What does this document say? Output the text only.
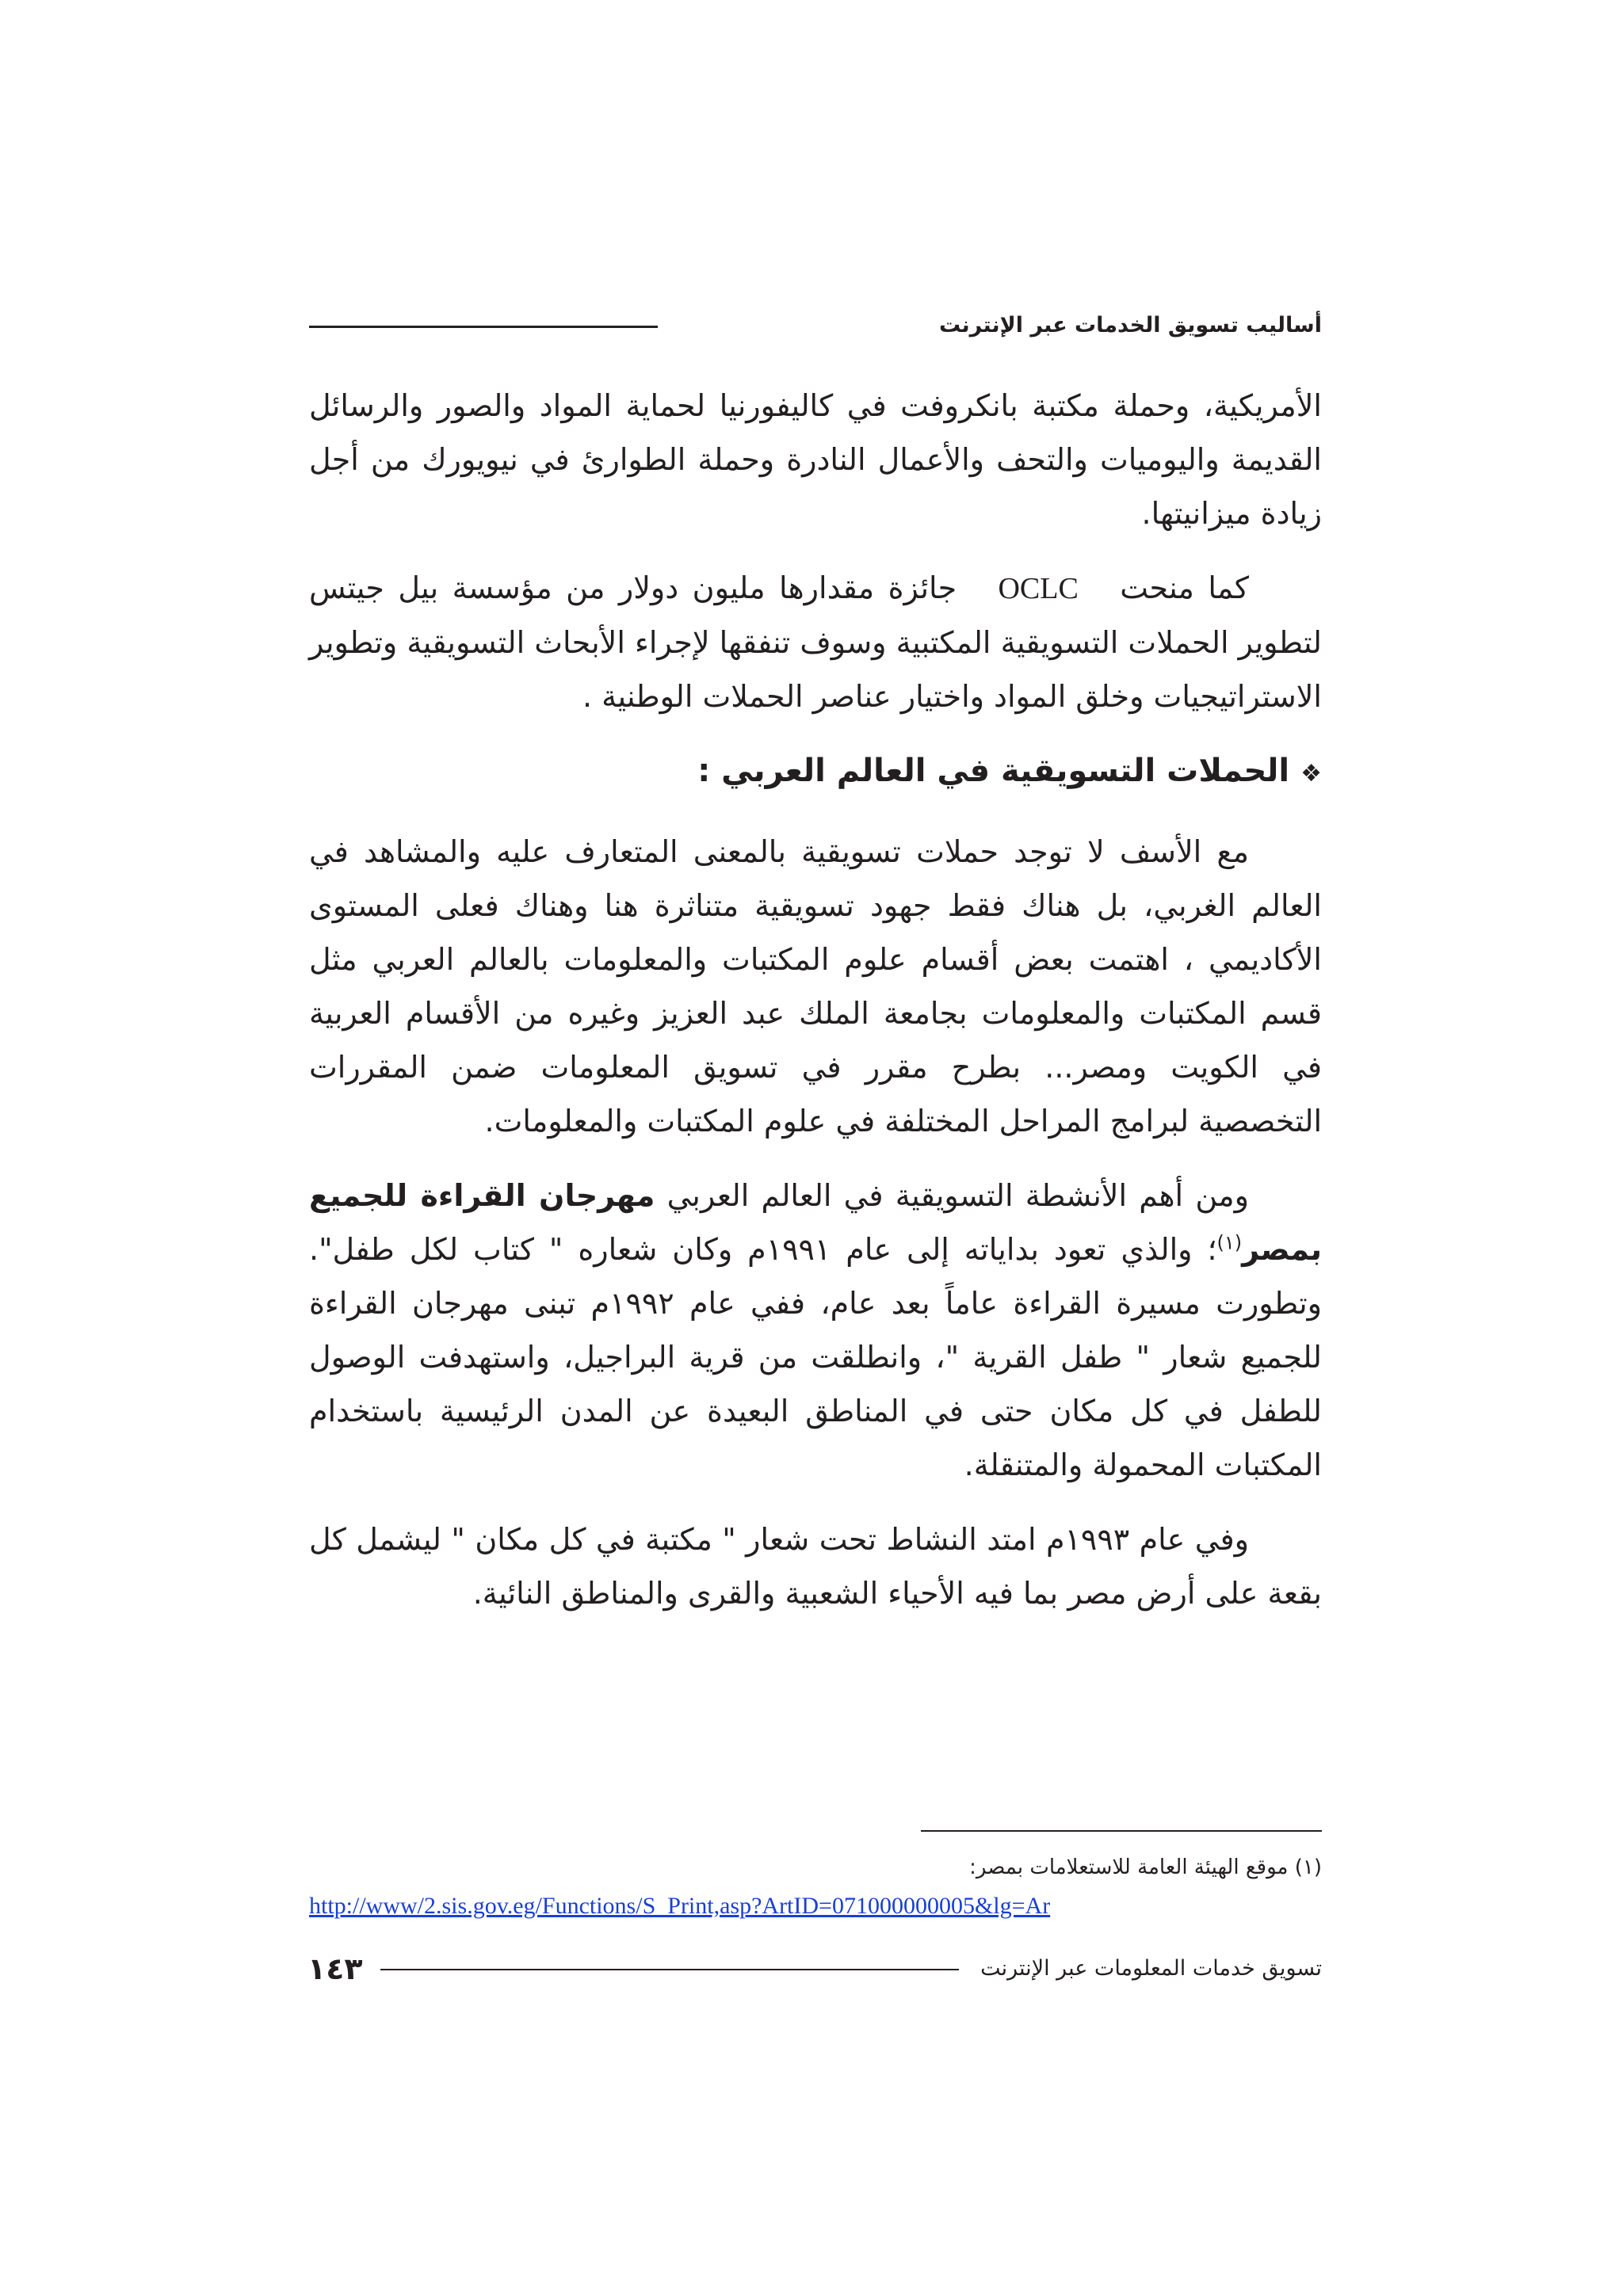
أساليب تسويق الخدمات عبر الإنترنت

الأمريكية، وحملة مكتبة بانكروفت في كاليفورنيا لحماية المواد والصور والرسائل القديمة واليوميات والتحف والأعمال النادرة وحملة الطوارئ في نيويورك من أجل زيادة ميزانيتها.

كما منحت   OCLC   جائزة مقدارها مليون دولار من مؤسسة بيل جيتس لتطوير الحملات التسويقية المكتبية وسوف تنفقها لإجراء الأبحاث التسويقية وتطوير الاستراتيجيات وخلق المواد واختيار عناصر الحملات الوطنية .

❖الحملات التسويقية في العالم العربي :

مع الأسف لا توجد حملات تسويقية بالمعنى المتعارف عليه والمشاهد في العالم الغربي، بل هناك فقط جهود تسويقية متناثرة هنا وهناك فعلى المستوى الأكاديمي ، اهتمت بعض أقسام علوم المكتبات والمعلومات بالعالم العربي مثل قسم المكتبات والمعلومات بجامعة الملك عبد العزيز وغيره من الأقسام العربية في الكويت ومصر... بطرح مقرر في تسويق المعلومات ضمن المقررات التخصصية لبرامج المراحل المختلفة في علوم المكتبات والمعلومات.

ومن أهم الأنشطة التسويقية في العالم العربي مهرجان القراءة للجميع بمصر$^{(١)}$؛ والذي تعود بداياته إلى عام ١٩٩١م وكان شعاره " كتاب لكل طفل". وتطورت مسيرة القراءة عاماً بعد عام، ففي عام ١٩٩٢م تبنى مهرجان القراءة للجميع شعار " طفل القرية "، وانطلقت من قرية البراجيل، واستهدفت الوصول للطفل في كل مكان حتى في المناطق البعيدة عن المدن الرئيسية باستخدام المكتبات المحمولة والمتنقلة.

وفي عام ١٩٩٣م امتد النشاط تحت شعار " مكتبة في كل مكان " ليشمل كل بقعة على أرض مصر بما فيه الأحياء الشعبية والقرى والمناطق النائية.

(١) موقع الهيئة العامة للاستعلامات بمصر:
http://www/2.sis.gov.eg/Functions/S_Print,asp?ArtID=071000000005&lg=Ar
١٤٣	تسويق خدمات المعلومات عبر الإنترنت
